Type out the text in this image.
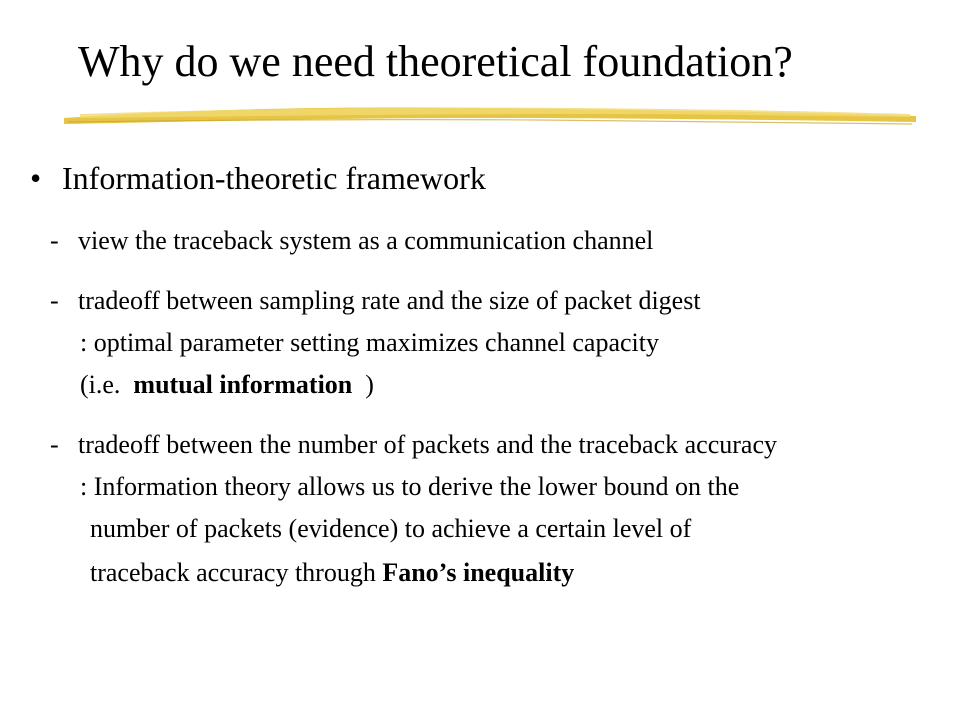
Why do we need theoretical foundation?
• Information-theoretic framework
- view the traceback system as a communication channel
- tradeoff between sampling rate and the size of packet digest
: optimal parameter setting maximizes channel capacity
(i.e. mutual information )
- tradeoff between the number of packets and the traceback accuracy
: Information theory allows us to derive the lower bound on the
number of packets (evidence) to achieve a certain level of
traceback accuracy through Fano’s inequality
